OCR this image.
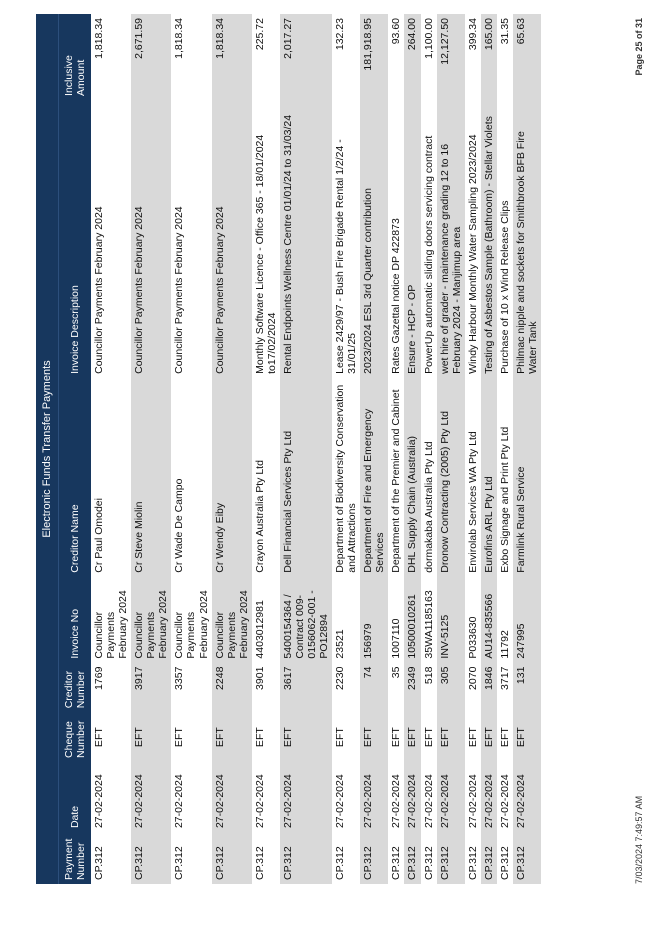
Electronic Funds Transfer Payments							
Payment Number	Date	Cheque Number	Creditor Number	Invoice No	Creditor Name	Invoice Description	Inclusive Amount
CP.312	27-02-2024	EFT	1769	Councillor Payments February 2024	Cr Paul Omodei	Councillor Payments February 2024	1,818.34
CP.312	27-02-2024	EFT	3917	Councillor Payments February 2024	Cr Steve Miolin	Councillor Payments February 2024	2,671.59
CP.312	27-02-2024	EFT	3357	Councillor Payments February 2024	Cr Wade De Campo	Councillor Payments February 2024	1,818.34
CP.312	27-02-2024	EFT	2248	Councillor Payments February 2024	Cr Wendy Eiby	Councillor Payments February 2024	1,818.34
CP.312	27-02-2024	EFT	3901	4403012981	Crayon Australia Pty Ltd	Monthly Software Licence - Office 365 - 18/01/2024 to17/02/2024	225.72
CP.312	27-02-2024	EFT	3617	5400154364 / Contract 009-0156062-001 - PO12894	Dell Financial Services Pty Ltd	Rental Endpoints Wellness Centre 01/01/24 to 31/03/24	2,017.27
CP.312	27-02-2024	EFT	2230	23521	Department of Biodiversity Conservation and Attractions	Lease 2429/97 - Bush Fire Brigade Rental 1/2/24 - 31/01/25	132.23
CP.312	27-02-2024	EFT	74	156979	Department of Fire and Emergency Services	2023/2024 ESL 3rd Quarter contribution	181,918.95
CP.312	27-02-2024	EFT	35	1007110	Department of the Premier and Cabinet	Rates Gazettal notice DP 422873	93.60
CP.312	27-02-2024	EFT	2349	10500010261	DHL Supply Chain (Australia)	Ensure - HCP - OP	264.00
CP.312	27-02-2024	EFT	518	35WA1185163	dormakaba Australia Pty Ltd	PowerUp automatic sliding doors servicing contract	1,100.00
CP.312	27-02-2024	EFT	305	INV-5125	Dronow Contracting (2005) Pty Ltd	wet hire of grader - maintenance grading 12 to 16 February 2024 - Manjimup area	12,127.50
CP.312	27-02-2024	EFT	2070	P033630	Envirolab Services WA Pty Ltd	Windy Harbour Monthly Water Sampling 2023/2024	399.34
CP.312	27-02-2024	EFT	1846	AU14-835566	Eurofins ARL Pty Ltd	Testing of Asbestos Sample (Bathroom) - Stellar Violets	165.00
CP.312	27-02-2024	EFT	3717	11792	Exbo Signage and Print Pty Ltd	Purchase of 10 x Wind Release Clips	31.35
CP.312	27-02-2024	EFT	131	247995	Farmlink Rural Service	Philmac nipple and sockets for Smithbrook BFB Fire Water Tank	65.63
7/03/2024 7:49:57 AM
Page 25 of 31
